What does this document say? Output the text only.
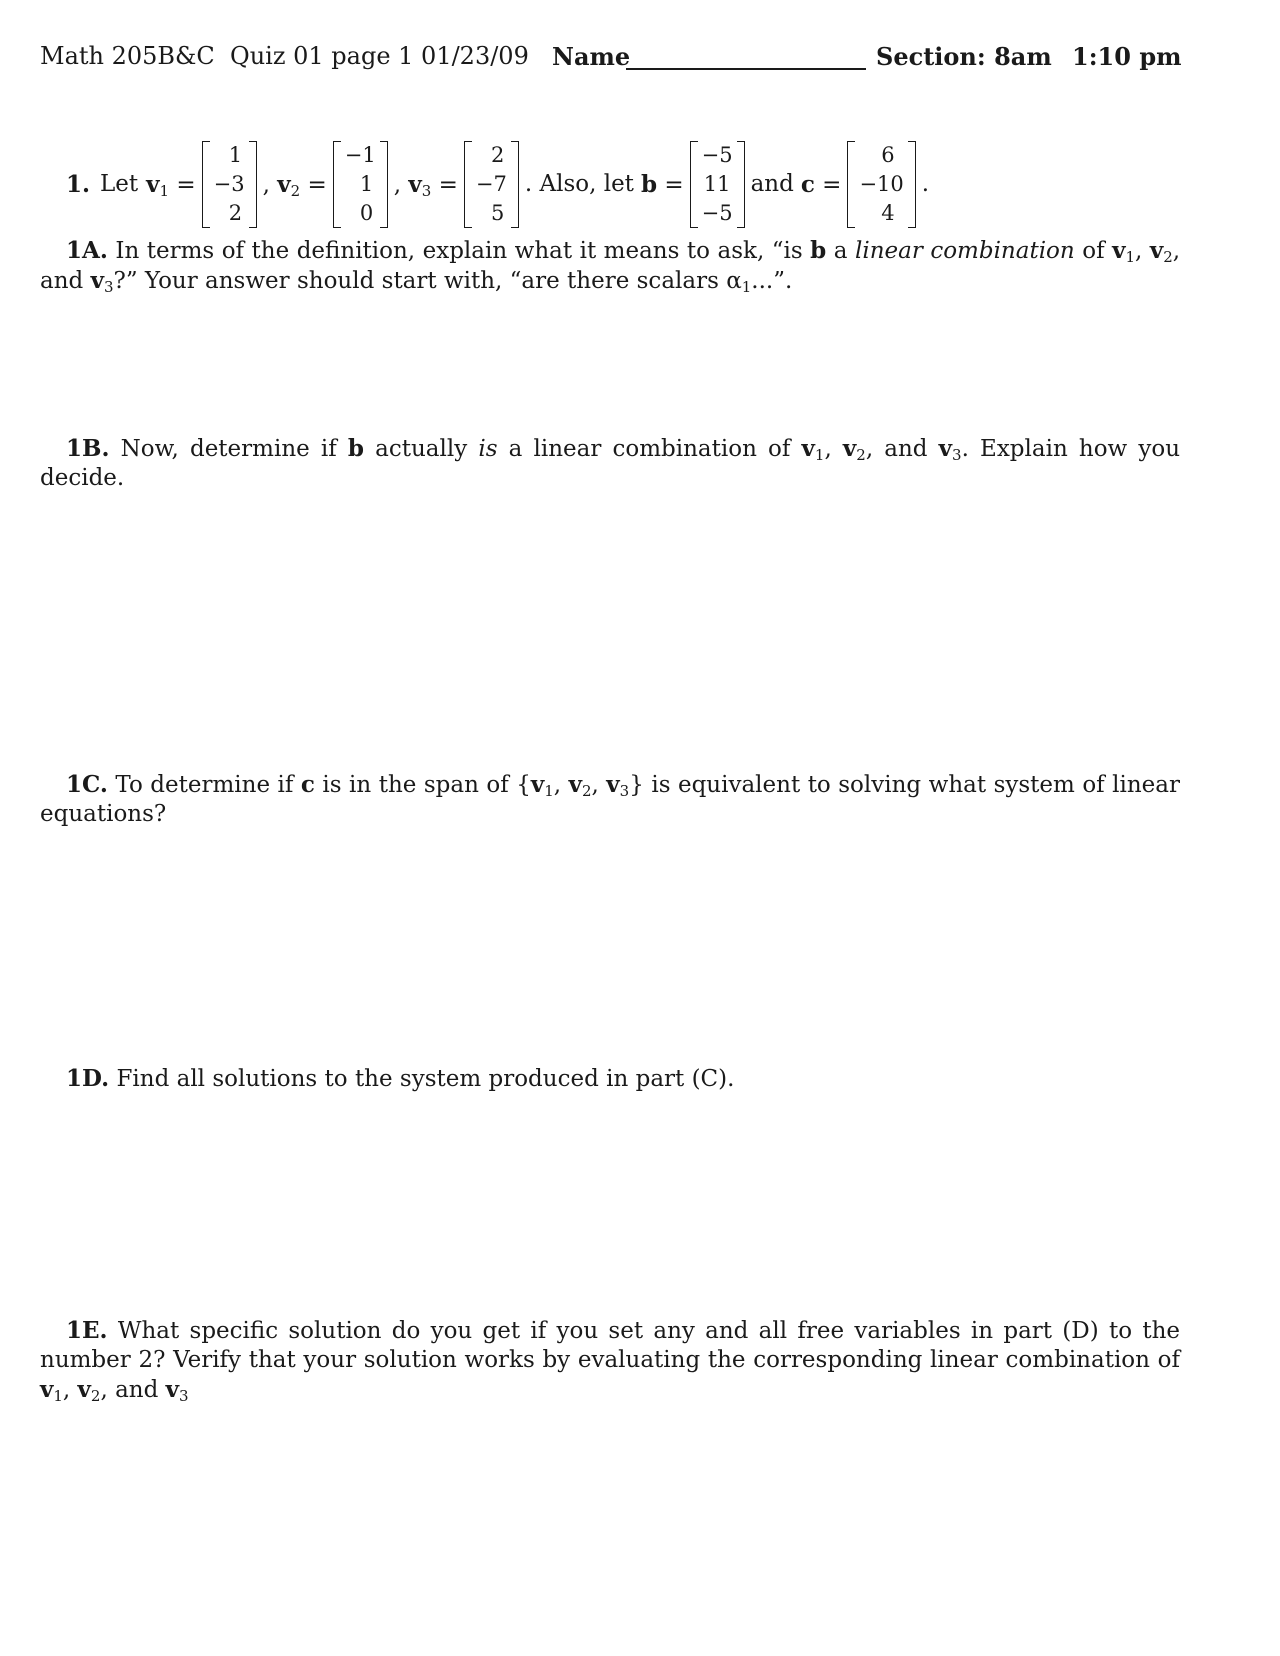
Math 205B&C  Quiz 01 page 1 01/23/09 Name	Section: 8am 1:10 pm
1. Let $v_1$ =
1
−3
2
, $v_2$ =
−1
1
0
, $v_3$ =
2
−7
5
. Also, let b =
−5
11
−5
and c =
6
−10
4
.
1A. In terms of the definition, explain what it means to ask, “is b a linear combination of $v_1$, $v_2$, and $v_3$?” Your answer should start with, “are there scalars $\alpha_1$...”.
1B. Now, determine if b actually is a linear combination of $v_1$, $v_2$, and $v_3$. Explain how you decide.
1C. To determine if c is in the span of {$v_1$, $v_2$, $v_3$} is equivalent to solving what system of linear equations?
1D. Find all solutions to the system produced in part (C).
1E. What specific solution do you get if you set any and all free variables in part (D) to the number 2? Verify that your solution works by evaluating the corresponding linear combination of $v_1$, $v_2$, and $v_3$
